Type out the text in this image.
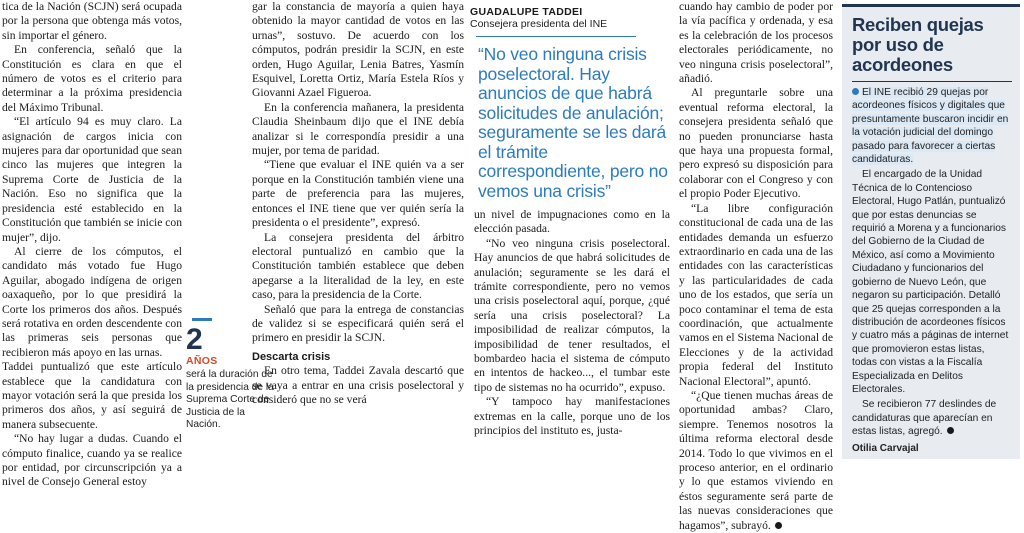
tica de la Nación (SCJN) será ocupada por la persona que obtenga más votos, sin importar el género.

En conferencia, señaló que la Constitución es clara en que el número de votos es el criterio para determinar a la próxima presidencia del Máximo Tribunal.

“El artículo 94 es muy claro. La asignación de cargos inicia con mujeres para dar oportunidad que sean cinco las mujeres que integren la Suprema Corte de Justicia de la Nación. Eso no significa que la presidencia esté establecido en la Constitución que también se inicie con mujer”, dijo.

Al cierre de los cómputos, el candidato más votado fue Hugo Aguilar, abogado indígena de origen oaxaqueño, por lo que presidirá la Corte los primeros dos años. Después será rotativa en orden descendente con las primeras seis personas que recibieron más apoyo en las urnas.

Taddei puntualizó que este artículo establece que la candidatura con mayor votación será la que presida los primeros dos años, y así seguirá de manera subsecuente.

“No hay lugar a dudas. Cuando el cómputo finalice, cuando ya se realice por entidad, por circunscripción ya a nivel de Consejo General estoy

2
AÑOS
será la duración de la presidencia de la Suprema Corte de Justicia de la Nación.

gar la constancia de mayoría a quien haya obtenido la mayor cantidad de votos en las urnas”, sostuvo. De acuerdo con los cómputos, podrán presidir la SCJN, en este orden, Hugo Aguilar, Lenia Batres, Yasmín Esquivel, Loretta Ortiz, María Estela Ríos y Giovanni Azael Figueroa.

En la conferencia mañanera, la presidenta Claudia Sheinbaum dijo que el INE debía analizar si le correspondía presidir a una mujer, por tema de paridad.

“Tiene que evaluar el INE quién va a ser porque en la Constitución también viene una parte de preferencia para las mujeres, entonces el INE tiene que ver quién sería la presidenta o el presidente”, expresó.

La consejera presidenta del árbitro electoral puntualizó en cambio que la Constitución también establece que deben apegarse a la literalidad de la ley, en este caso, para la presidencia de la Corte.

Señaló que para la entrega de constancias de validez si se especificará quién será el primero en presidir la SCJN.

Descarta crisis

En otro tema, Taddei Zavala descartó que se vaya a entrar en una crisis poselectoral y consideró que no se verá

GUADALUPE TADDEI
Consejera presidenta del INE
“No veo ninguna crisis poselectoral. Hay anuncios de que habrá solicitudes de anulación; seguramente se les dará el trámite correspondiente, pero no vemos una crisis”

un nivel de impugnaciones como en la elección pasada.

“No veo ninguna crisis poselectoral. Hay anuncios de que habrá solicitudes de anulación; seguramente se les dará el trámite correspondiente, pero no vemos una crisis poselectoral aquí, porque, ¿qué sería una crisis poselectoral? La imposibilidad de realizar cómputos, la imposibilidad de tener resultados, el bombardeo hacia el sistema de cómputo en intentos de hackeo..., el tumbar este tipo de sistemas no ha ocurrido”, expuso.

“Y tampoco hay manifestaciones extremas en la calle, porque uno de los principios del instituto es, justa-

cuando hay cambio de poder por la vía pacífica y ordenada, y esa es la celebración de los procesos electorales periódicamente, no veo ninguna crisis poselectoral”, añadió.

Al preguntarle sobre una eventual reforma electoral, la consejera presidenta señaló que no pueden pronunciarse hasta que haya una propuesta formal, pero expresó su disposición para colaborar con el Congreso y con el propio Poder Ejecutivo.

“La libre configuración constitucional de cada una de las entidades demanda un esfuerzo extraordinario en cada una de las entidades con las características y las particularidades de cada uno de los estados, que sería un poco contaminar el tema de esta coordinación, que actualmente vamos en el Sistema Nacional de Elecciones y de la actividad propia federal del Instituto Nacional Electoral”, apuntó.

“¿Que tienen muchas áreas de oportunidad ambas? Claro, siempre. Tenemos nosotros la última reforma electoral desde 2014. Todo lo que vivimos en el proceso anterior, en el ordinario y lo que estamos viviendo en éstos seguramente será parte de las nuevas consideraciones que hagamos”, subrayó.

Reciben quejas por uso de acordeones

El INE recibió 29 quejas por acordeones físicos y digitales que presuntamente buscaron incidir en la votación judicial del domingo pasado para favorecer a ciertas candidaturas.

El encargado de la Unidad Técnica de lo Contencioso Electoral, Hugo Patlán, puntualizó que por estas denuncias se requirió a Morena y a funcionarios del Gobierno de la Ciudad de México, así como a Movimiento Ciudadano y funcionarios del gobierno de Nuevo León, que negaron su participación. Detalló que 25 quejas corresponden a la distribución de acordeones físicos y cuatro más a páginas de internet que promovieron estas listas, todas con vistas a la Fiscalía Especializada en Delitos Electorales.

Se recibieron 77 deslindes de candidaturas que aparecían en estas listas, agregó.

Otilia Carvajal
